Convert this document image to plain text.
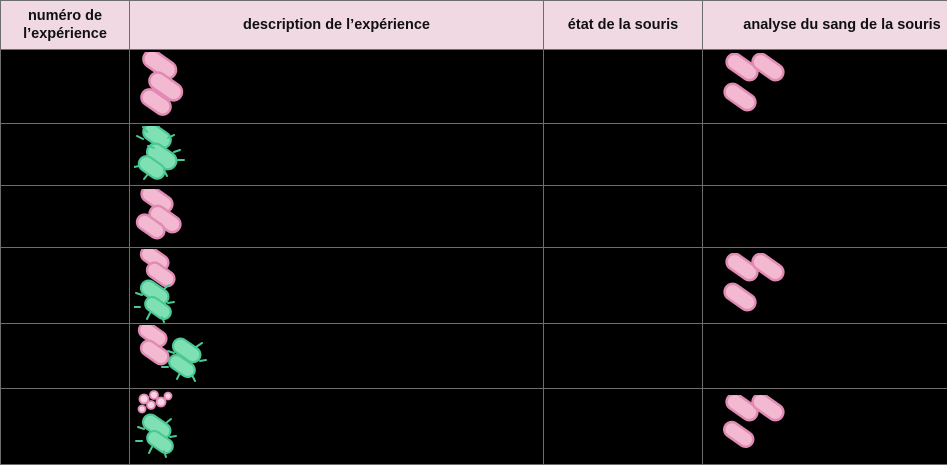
numéro de l’expérience	description de l’expérience	état de la souris	analyse du sang de la souris
